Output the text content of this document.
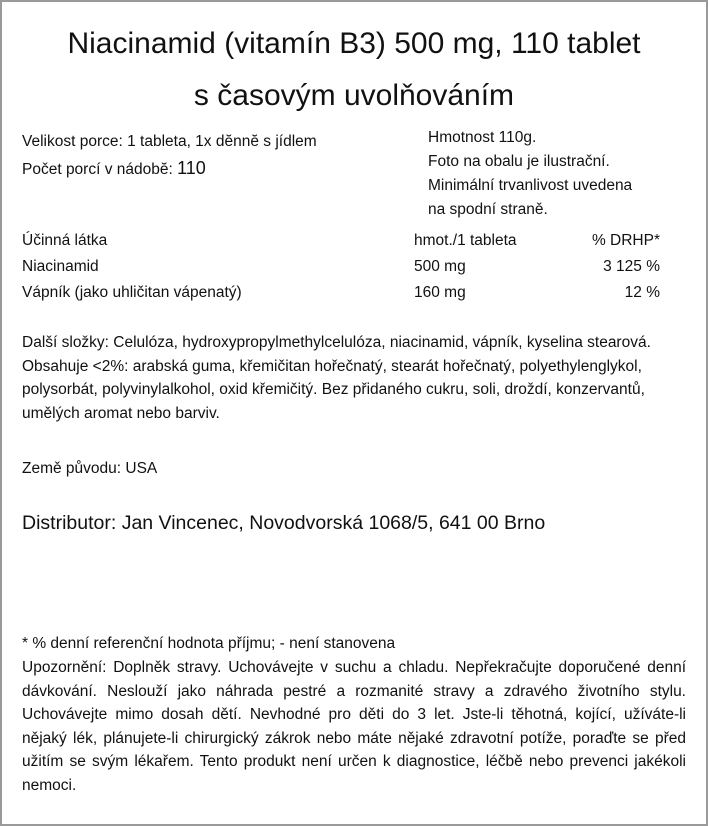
Niacinamid (vitamín B3) 500 mg, 110 tablet
s časovým uvolňováním
Velikost porce: 1 tableta, 1x dĕnnĕ s jídlem
Počet porcí v nádobĕ: 110
Hmotnost 110g.
Foto na obalu je ilustrační.
Minimální trvanlivost uvedena
na spodní straně.
Účinná látka	hmot./1 tableta	% DRHP*
Niacinamid	500 mg	3 125 %
Vápník (jako uhličitan vápenatý)	160 mg	12 %
Další složky: Celulóza, hydroxypropylmethylcelulóza, niacinamid, vápník, kyselina stearová. Obsahuje <2%: arabská guma, křemičitan hořečnatý, stearát hořečnatý, polyethylenglykol, polysorbát, polyvinylalkohol, oxid křemičitý. Bez přidaného cukru, soli, droždí, konzervantů, umělých aromat nebo barviv.
Země původu: USA
Distributor: Jan Vincenec, Novodvorská 1068/5, 641 00 Brno
* % denní referenční hodnota příjmu; - není stanovena
Upozornění: Doplněk stravy. Uchovávejte v suchu a chladu. Nepřekračujte doporučené denní dávkování. Neslouží jako náhrada pestré a rozmanité stravy a zdravého životního stylu. Uchovávejte mimo dosah dětí. Nevhodné pro děti do 3 let. Jste-li těhotná, kojící, užíváte-li nějaký lék, plánujete-li chirurgický zákrok nebo máte nějaké zdravotní potíže, poraďte se před užitím se svým lékařem. Tento produkt není určen k diagnostice, léčbě nebo prevenci jakékoli nemoci.
